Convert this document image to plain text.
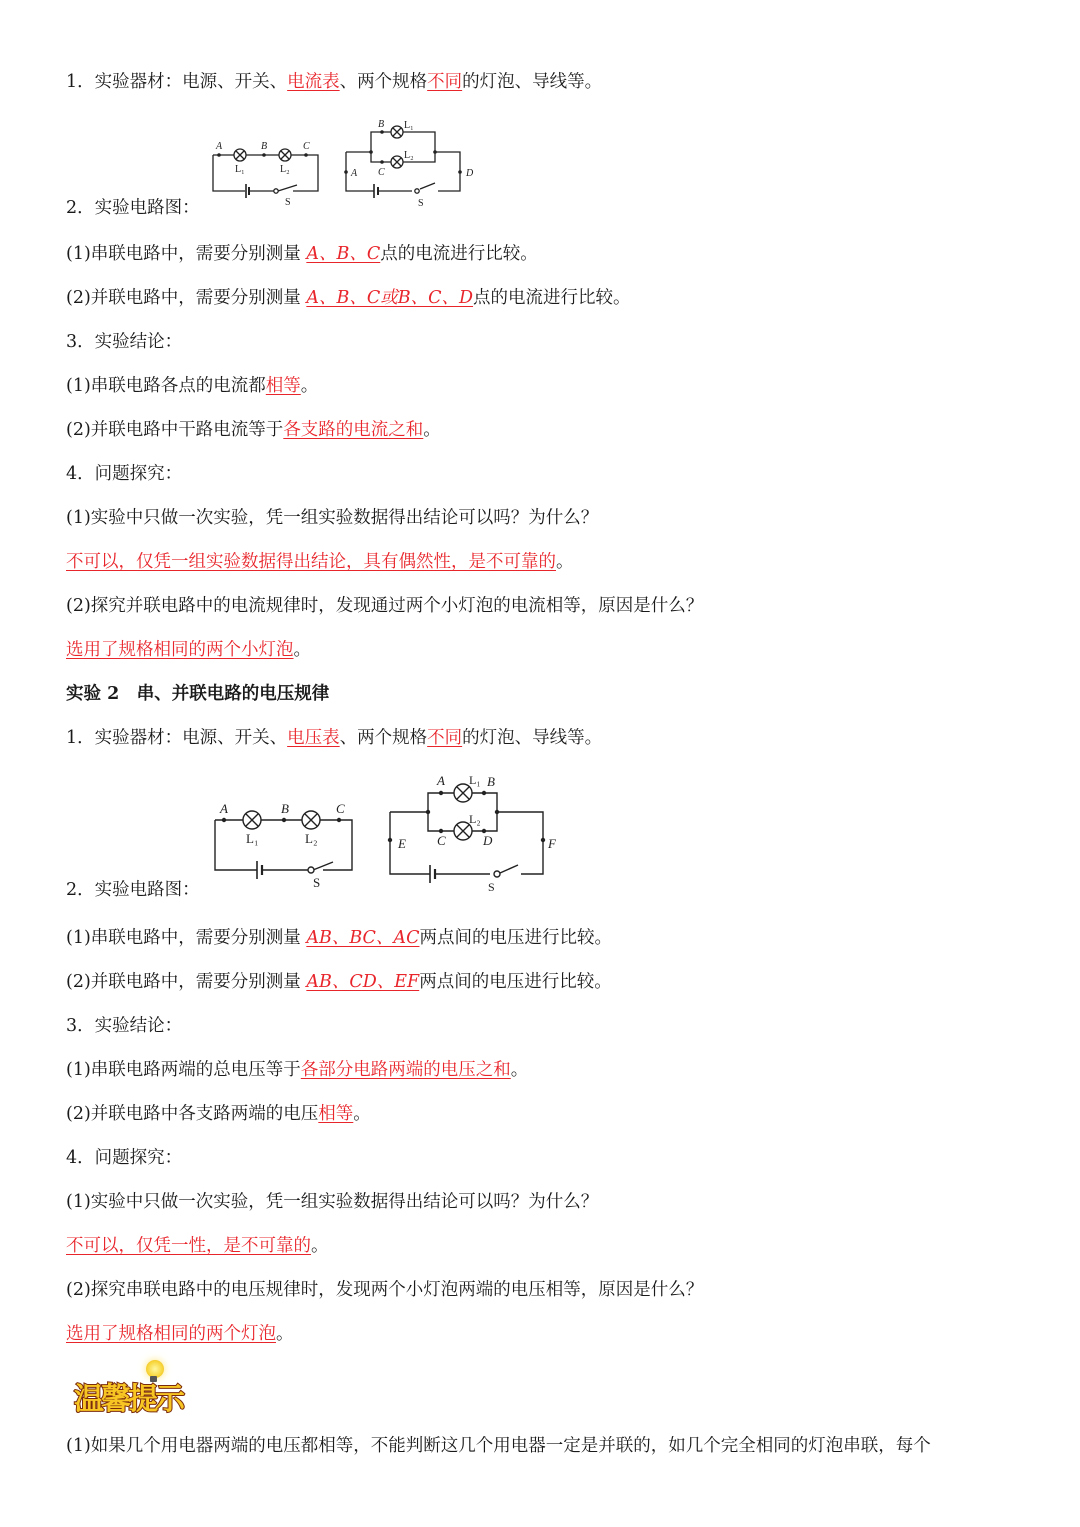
1．实验器材：电源、开关、电流表、两个规格不同的灯泡、导线等。
2．实验电路图：
A	B	C
L₁	L₂
S
B
C
A	D
L₁
L₂
S
(1)串联电路中，需要分别测量 A、B、C点的电流进行比较。
(2)并联电路中，需要分别测量 A、B、C或B、C、D点的电流进行比较。
3．实验结论：
(1)串联电路各点的电流都相等。
(2)并联电路中干路电流等于各支路的电流之和。
4．问题探究：
(1)实验中只做一次实验，凭一组实验数据得出结论可以吗？为什么？
不可以，仅凭一组实验数据得出结论，具有偶然性，是不可靠的。
(2)探究并联电路中的电流规律时，发现通过两个小灯泡的电流相等，原因是什么？
选用了规格相同的两个小灯泡。
实验 2　串、并联电路的电压规律
1．实验器材：电源、开关、电压表、两个规格不同的灯泡、导线等。
2．实验电路图：
A	B	C
L₁	L₂
S
A	B
C	D
E	F
L₁
L₂
S
(1)串联电路中，需要分别测量 AB、BC、AC两点间的电压进行比较。
(2)并联电路中，需要分别测量 AB、CD、EF两点间的电压进行比较。
3．实验结论：
(1)串联电路两端的总电压等于各部分电路两端的电压之和。
(2)并联电路中各支路两端的电压相等。
4．问题探究：
(1)实验中只做一次实验，凭一组实验数据得出结论可以吗？为什么？
不可以，仅凭一性，是不可靠的。
(2)探究串联电路中的电压规律时，发现两个小灯泡两端的电压相等，原因是什么？
选用了规格相同的两个灯泡。
温馨提示
(1)如果几个用电器两端的电压都相等，不能判断这几个用电器一定是并联的，如几个完全相同的灯泡串联，每个
